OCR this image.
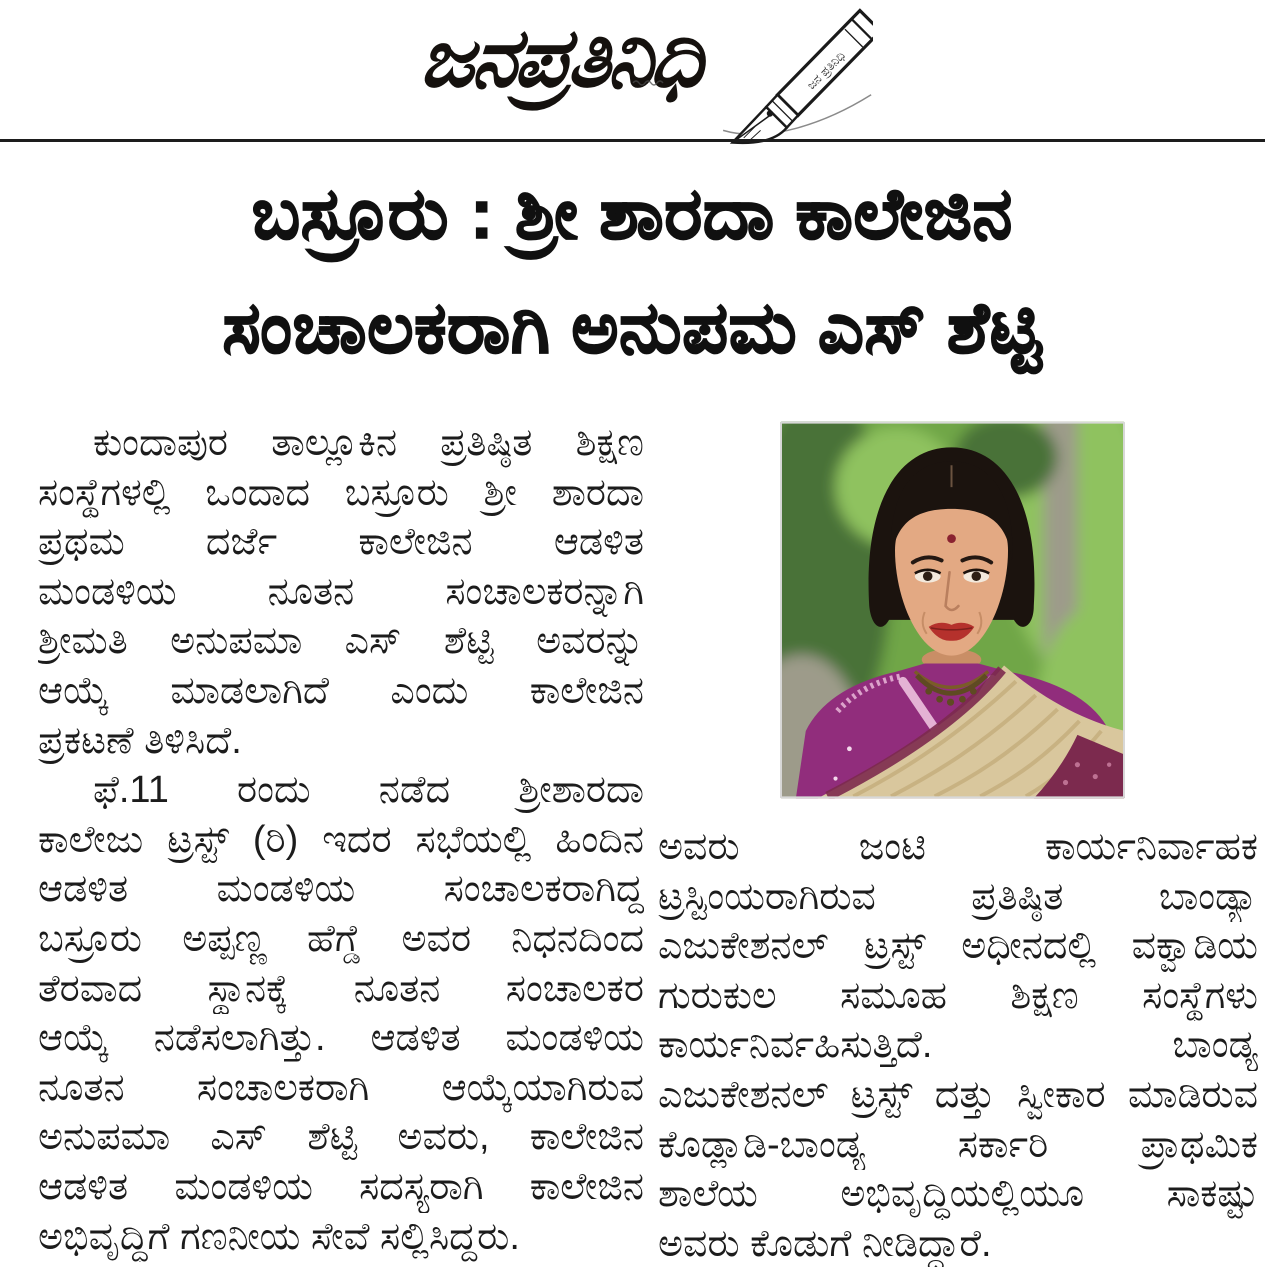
ಜನಪ್ರತಿನಿಧಿ	ಜನ ಪ್ರತಿನಿಧಿ
ಬಸ್ರೂರು : ಶ್ರೀ ಶಾರದಾ ಕಾಲೇಜಿನ
ಸಂಚಾಲಕರಾಗಿ ಅನುಪಮ ಎಸ್ ಶೆಟ್ಟಿ
ಕುಂದಾಪುರ ತಾಲ್ಲೂಕಿನ ಪ್ರತಿಷ್ಠಿತ ಶಿಕ್ಷಣ
ಸಂಸ್ಥೆಗಳಲ್ಲಿ ಒಂದಾದ ಬಸ್ರೂರು ಶ್ರೀ ಶಾರದಾ
ಪ್ರಥಮ ದರ್ಜೆ ಕಾಲೇಜಿನ ಆಡಳಿತ
ಮಂಡಳಿಯ ನೂತನ ಸಂಚಾಲಕರನ್ನಾಗಿ
ಶ್ರೀಮತಿ ಅನುಪಮಾ ಎಸ್ ಶೆಟ್ಟಿ ಅವರನ್ನು
ಆಯ್ಕೆ ಮಾಡಲಾಗಿದೆ ಎಂದು ಕಾಲೇಜಿನ
ಪ್ರಕಟಣೆ ತಿಳಿಸಿದೆ.
ಫೆ.11 ರಂದು ನಡೆದ ಶ್ರೀಶಾರದಾ
ಕಾಲೇಜು ಟ್ರಸ್ಟ್ (ರಿ) ಇದರ ಸಭೆಯಲ್ಲಿ ಹಿಂದಿನ
ಆಡಳಿತ ಮಂಡಳಿಯ ಸಂಚಾಲಕರಾಗಿದ್ದ
ಬಸ್ರೂರು ಅಪ್ಪಣ್ಣ ಹೆಗ್ಡೆ ಅವರ ನಿಧನದಿಂದ
ತೆರವಾದ ಸ್ಥಾನಕ್ಕೆ ನೂತನ ಸಂಚಾಲಕರ
ಆಯ್ಕೆ ನಡೆಸಲಾಗಿತ್ತು. ಆಡಳಿತ ಮಂಡಳಿಯ
ನೂತನ ಸಂಚಾಲಕರಾಗಿ ಆಯ್ಕೆಯಾಗಿರುವ
ಅನುಪಮಾ ಎಸ್ ಶೆಟ್ಟಿ ಅವರು, ಕಾಲೇಜಿನ
ಆಡಳಿತ ಮಂಡಳಿಯ ಸದಸ್ಯರಾಗಿ ಕಾಲೇಜಿನ
ಅಭಿವೃದ್ಧಿಗೆ ಗಣನೀಯ ಸೇವೆ ಸಲ್ಲಿಸಿದ್ದರು.
ಅವರು ಜಂಟಿ ಕಾರ್ಯನಿರ್ವಾಹಕ
ಟ್ರಸ್ಟಿಂಯರಾಗಿರುವ ಪ್ರತಿಷ್ಠಿತ ಬಾಂಡ್ಯಾ
ಎಜುಕೇಶನಲ್ ಟ್ರಸ್ಟ್ ಅಧೀನದಲ್ಲಿ ವಕ್ವಾಡಿಯ
ಗುರುಕುಲ ಸಮೂಹ ಶಿಕ್ಷಣ ಸಂಸ್ಥೆಗಳು
ಕಾರ್ಯನಿರ್ವಹಿಸುತ್ತಿದೆ. ಬಾಂಡ್ಯ
ಎಜುಕೇಶನಲ್ ಟ್ರಸ್ಟ್ ದತ್ತು ಸ್ವೀಕಾರ ಮಾಡಿರುವ
ಕೊಡ್ಲಾಡಿ-ಬಾಂಡ್ಯ ಸರ್ಕಾರಿ ಪ್ರಾಥಮಿಕ
ಶಾಲೆಯ ಅಭಿವೃದ್ಧಿಯಲ್ಲಿಯೂ ಸಾಕಷ್ಟು
ಅವರು ಕೊಡುಗೆ ನೀಡಿದ್ದಾರೆ.
